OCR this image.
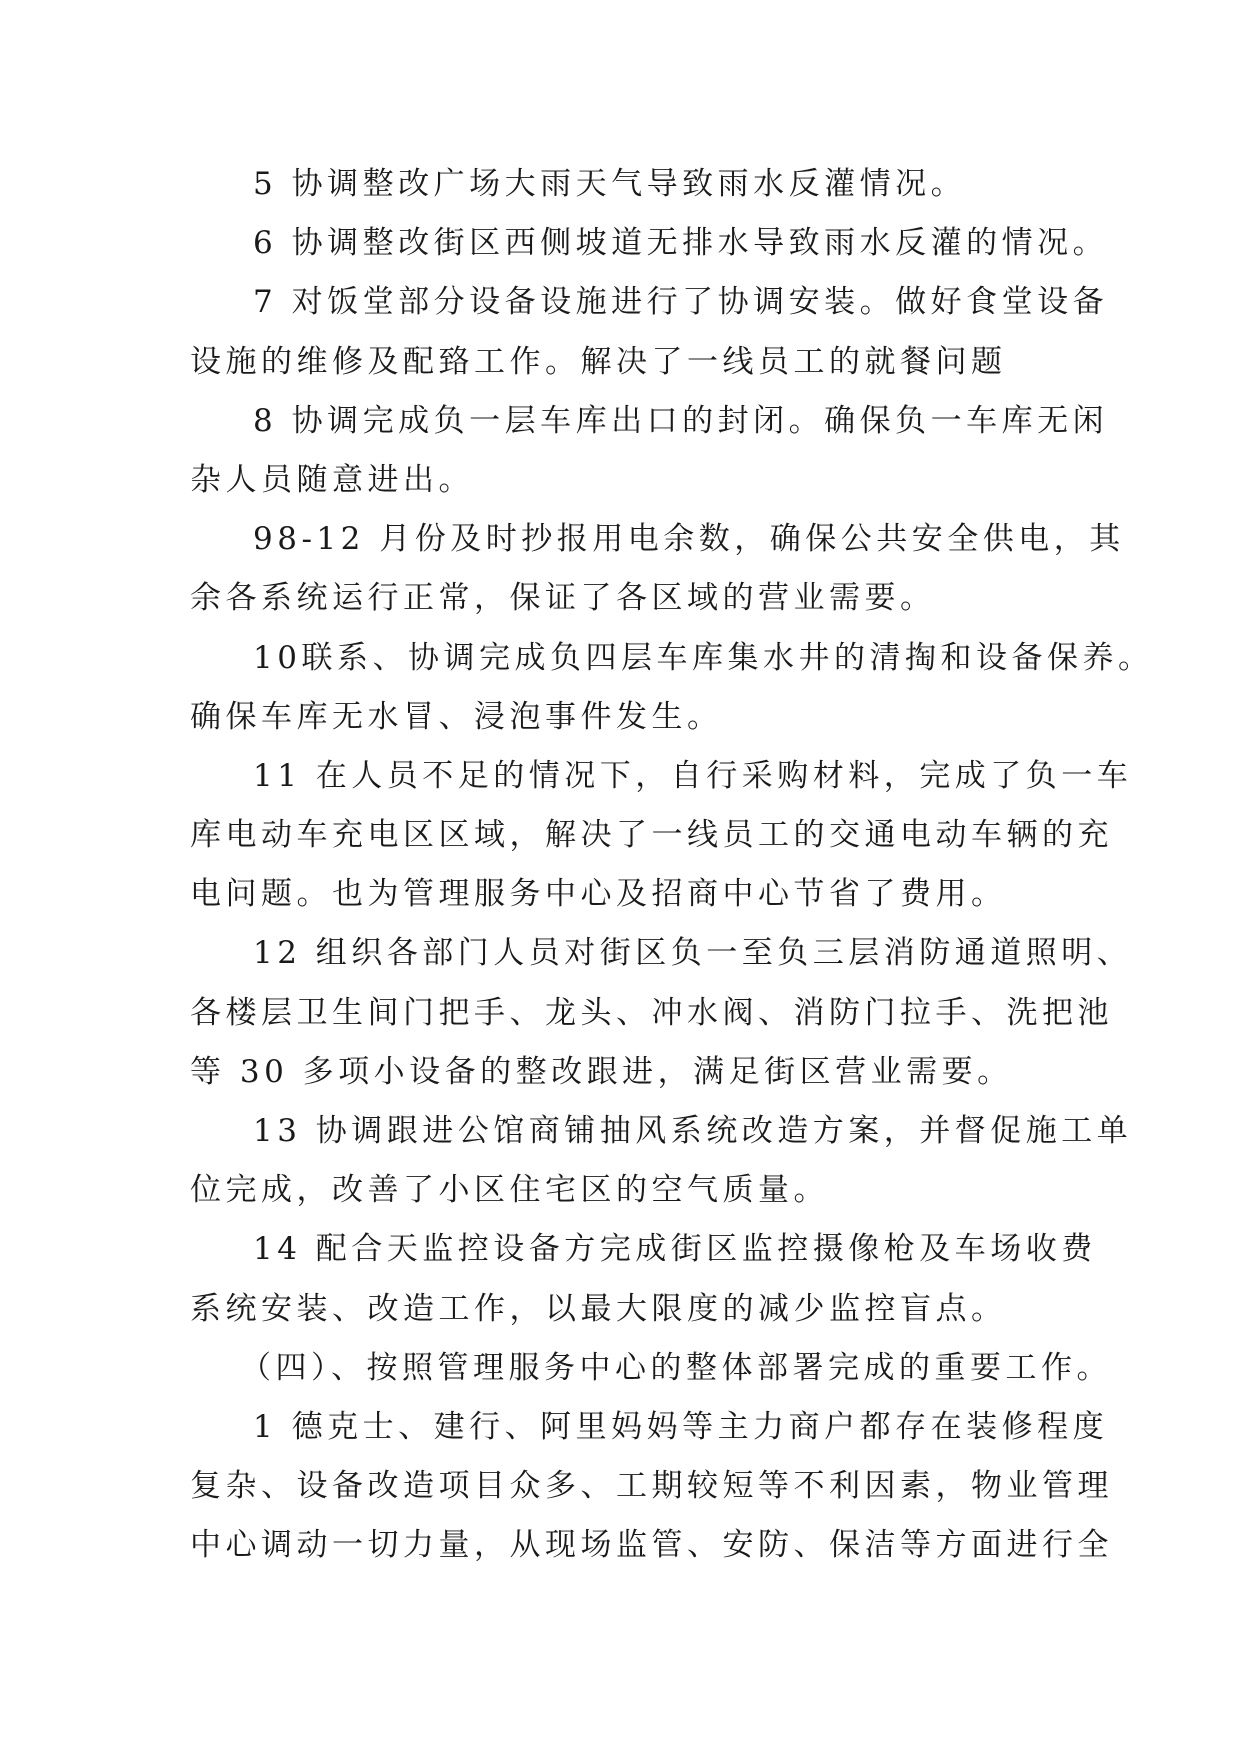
5 协调整改广场大雨天气导致雨水反灌情况。
6 协调整改街区西侧坡道无排水导致雨水反灌的情况。
7 对饭堂部分设备设施进行了协调安装。做好食堂设备
设施的维修及配臵工作。解决了一线员工的就餐问题
8 协调完成负一层车库出口的封闭。确保负一车库无闲
杂人员随意进出。
98-12 月份及时抄报用电余数，确保公共安全供电，其
余各系统运行正常，保证了各区域的营业需要。
10联系、协调完成负四层车库集水井的清掏和设备保养。
确保车库无水冒、浸泡事件发生。
11 在人员不足的情况下，自行采购材料，完成了负一车
库电动车充电区区域，解决了一线员工的交通电动车辆的充
电问题。也为管理服务中心及招商中心节省了费用。
12 组织各部门人员对街区负一至负三层消防通道照明、
各楼层卫生间门把手、龙头、冲水阀、消防门拉手、洗把池
等 30 多项小设备的整改跟进，满足街区营业需要。
13 协调跟进公馆商铺抽风系统改造方案，并督促施工单
位完成，改善了小区住宅区的空气质量。
14 配合天监控设备方完成街区监控摄像枪及车场收费
系统安装、改造工作，以最大限度的减少监控盲点。
（四）、按照管理服务中心的整体部署完成的重要工作。
1 德克士、建行、阿里妈妈等主力商户都存在装修程度
复杂、设备改造项目众多、工期较短等不利因素，物业管理
中心调动一切力量，从现场监管、安防、保洁等方面进行全
